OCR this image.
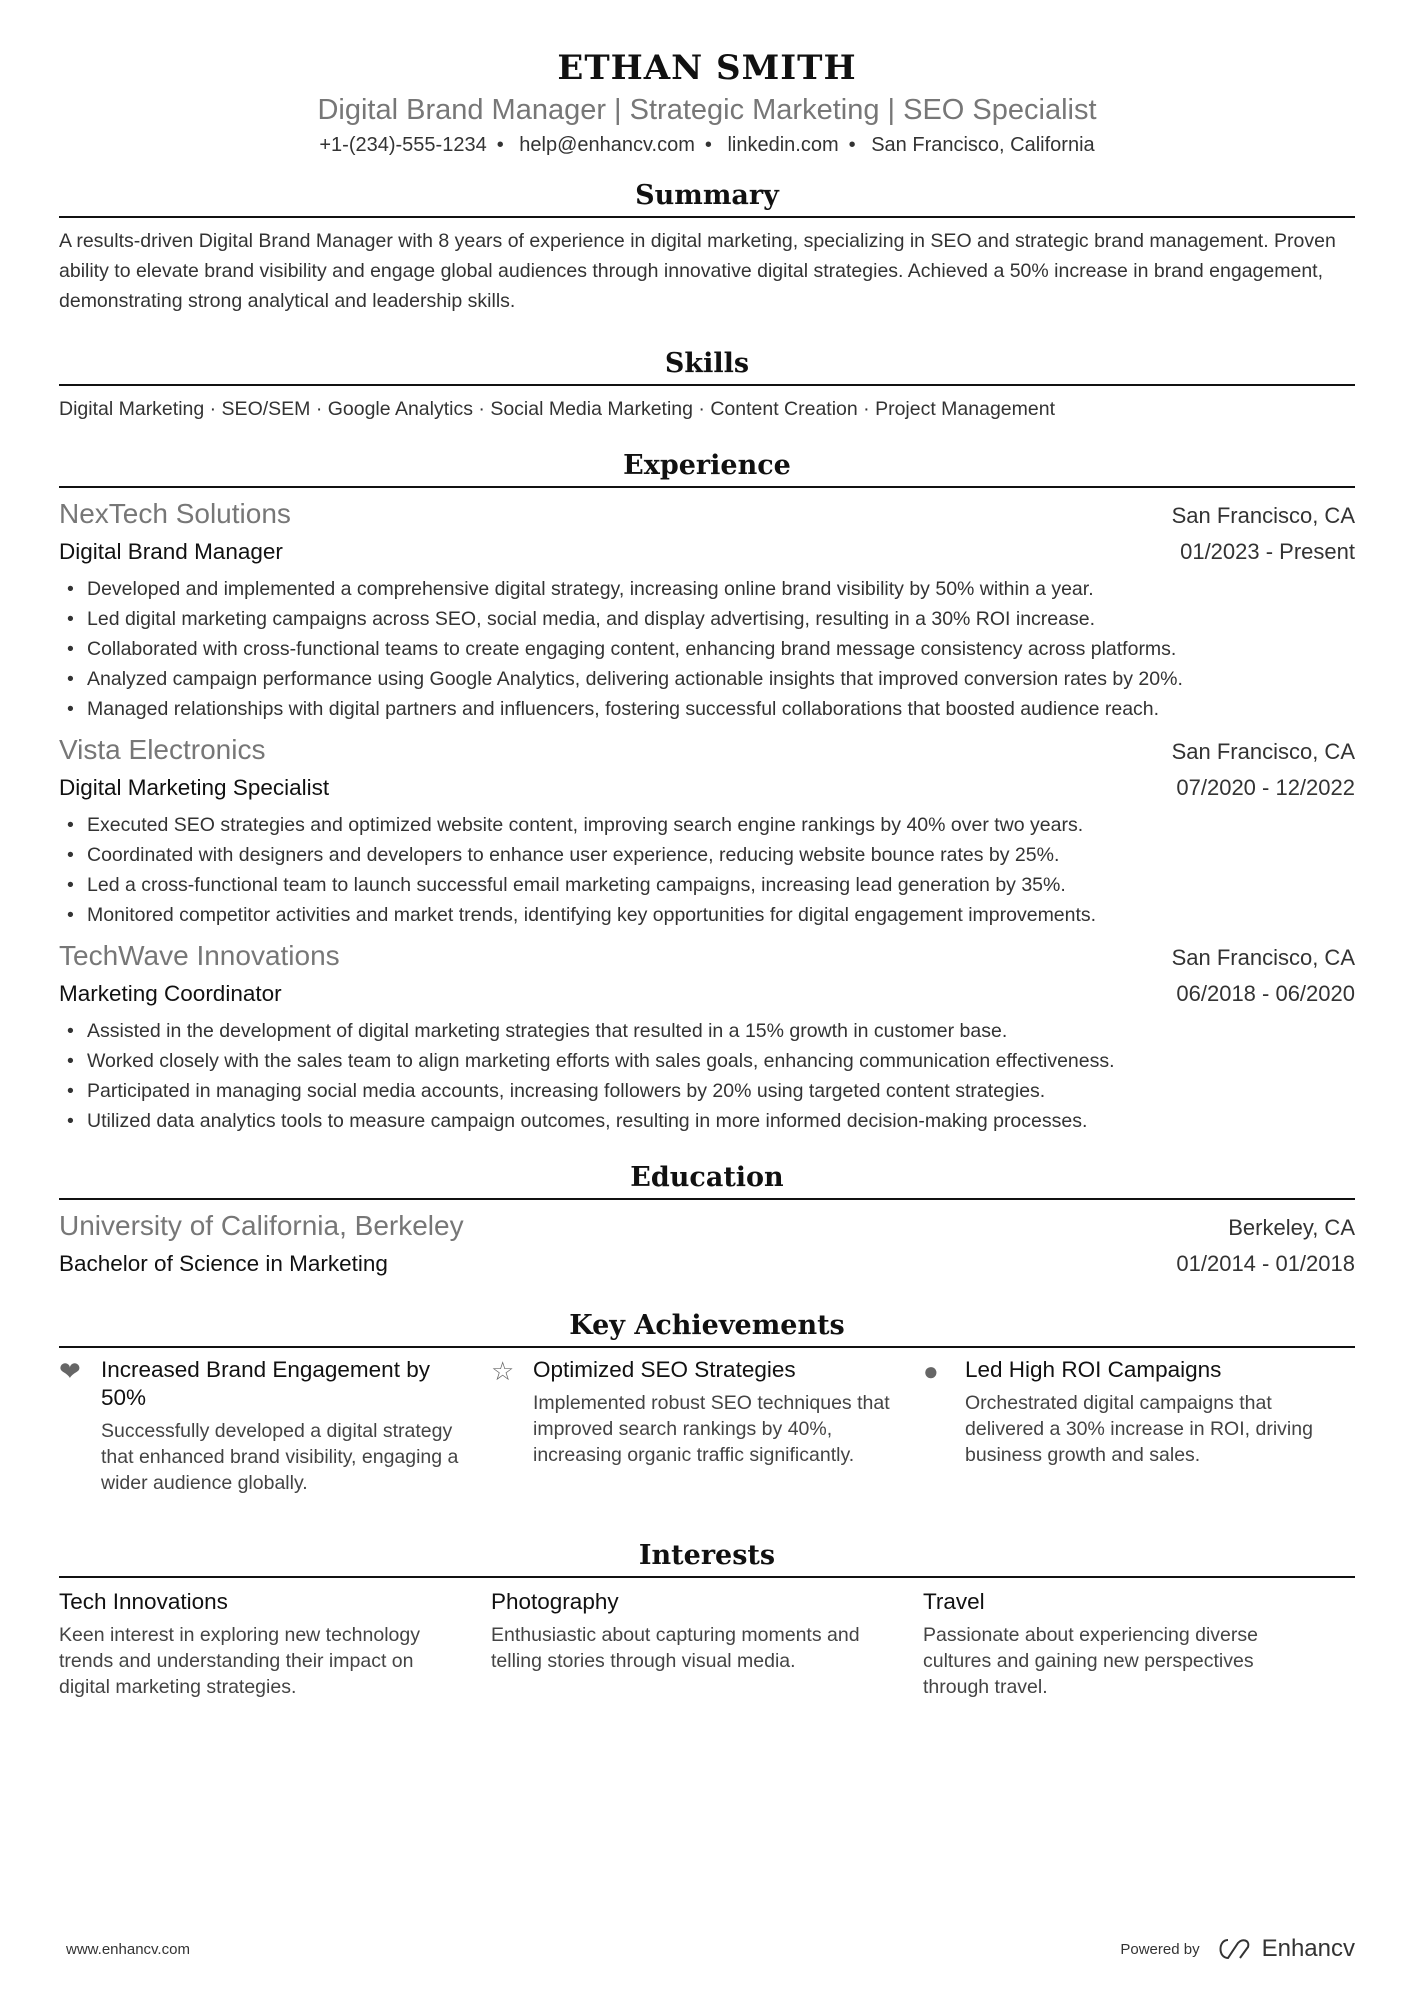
ETHAN SMITH
Digital Brand Manager | Strategic Marketing | SEO Specialist
+1-(234)-555-1234 • help@enhancv.com • linkedin.com • San Francisco, California
Summary
A results-driven Digital Brand Manager with 8 years of experience in digital marketing, specializing in SEO and strategic brand management. Proven ability to elevate brand visibility and engage global audiences through innovative digital strategies. Achieved a 50% increase in brand engagement, demonstrating strong analytical and leadership skills.
Skills
Digital Marketing · SEO/SEM · Google Analytics · Social Media Marketing · Content Creation · Project Management
Experience
NexTech Solutions	San Francisco, CA
Digital Brand Manager	01/2023 - Present
• Developed and implemented a comprehensive digital strategy, increasing online brand visibility by 50% within a year.
• Led digital marketing campaigns across SEO, social media, and display advertising, resulting in a 30% ROI increase.
• Collaborated with cross-functional teams to create engaging content, enhancing brand message consistency across platforms.
• Analyzed campaign performance using Google Analytics, delivering actionable insights that improved conversion rates by 20%.
• Managed relationships with digital partners and influencers, fostering successful collaborations that boosted audience reach.
Vista Electronics	San Francisco, CA
Digital Marketing Specialist	07/2020 - 12/2022
• Executed SEO strategies and optimized website content, improving search engine rankings by 40% over two years.
• Coordinated with designers and developers to enhance user experience, reducing website bounce rates by 25%.
• Led a cross-functional team to launch successful email marketing campaigns, increasing lead generation by 35%.
• Monitored competitor activities and market trends, identifying key opportunities for digital engagement improvements.
TechWave Innovations	San Francisco, CA
Marketing Coordinator	06/2018 - 06/2020
• Assisted in the development of digital marketing strategies that resulted in a 15% growth in customer base.
• Worked closely with the sales team to align marketing efforts with sales goals, enhancing communication effectiveness.
• Participated in managing social media accounts, increasing followers by 20% using targeted content strategies.
• Utilized data analytics tools to measure campaign outcomes, resulting in more informed decision-making processes.
Education
University of California, Berkeley	Berkeley, CA
Bachelor of Science in Marketing	01/2014 - 01/2018
Key Achievements
❤ Increased Brand Engagement by 50%
Successfully developed a digital strategy that enhanced brand visibility, engaging a wider audience globally.
☆ Optimized SEO Strategies
Implemented robust SEO techniques that improved search rankings by 40%, increasing organic traffic significantly.
●	Led High ROI Campaigns
Orchestrated digital campaigns that delivered a 30% increase in ROI, driving business growth and sales.
Interests
Tech Innovations
Keen interest in exploring new technology trends and understanding their impact on digital marketing strategies.
Photography
Enthusiastic about capturing moments and telling stories through visual media.
Travel
Passionate about experiencing diverse cultures and gaining new perspectives through travel.
www.enhancv.com	Powered by	Enhancv
